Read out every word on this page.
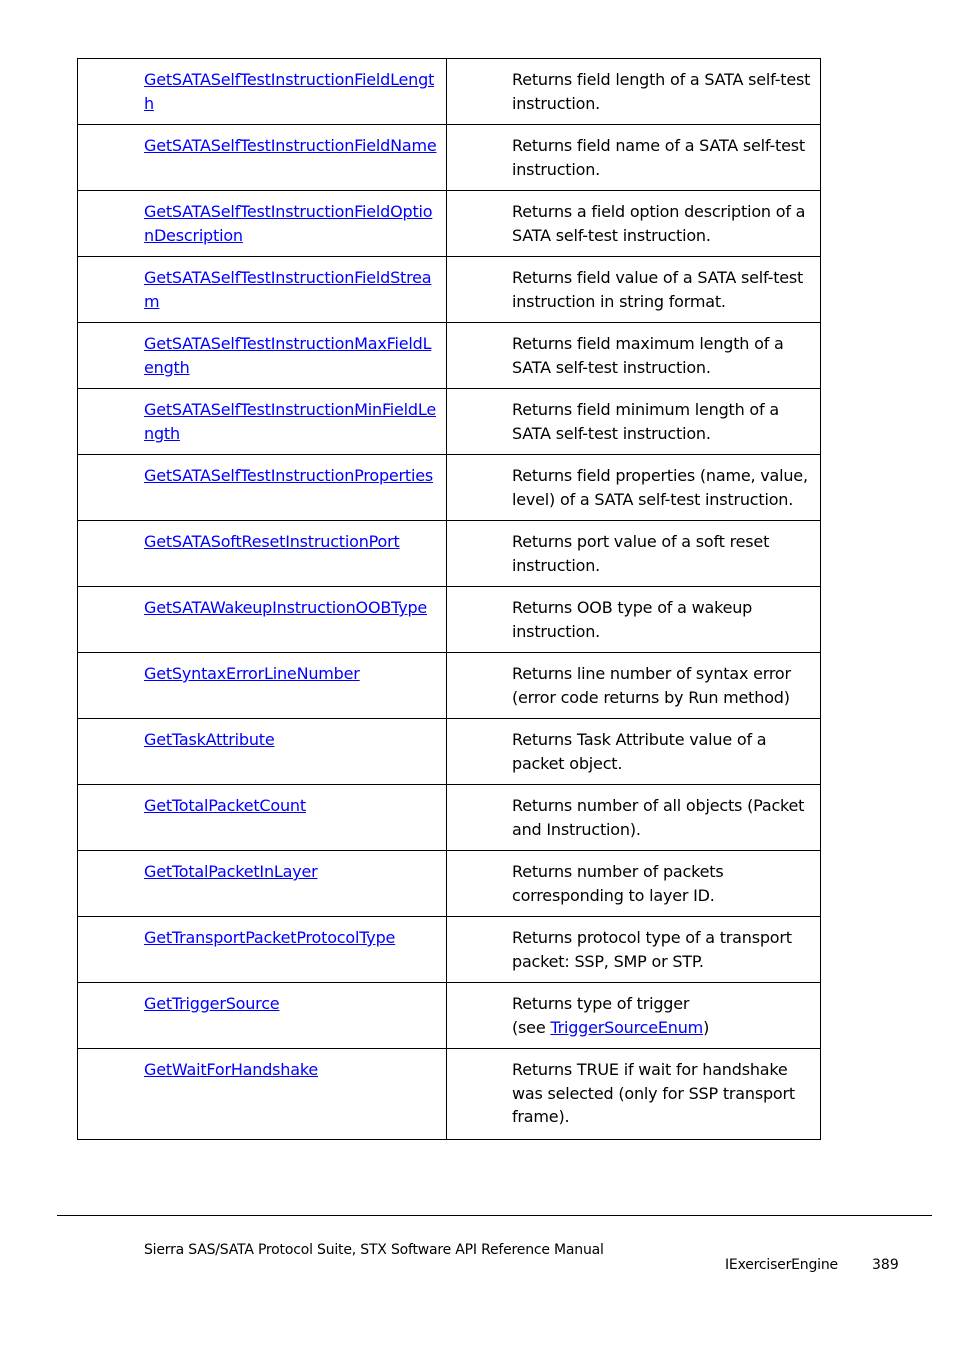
GetSATASelfTestInstructionFieldLength	Returns field length of a SATA self-test instruction.
GetSATASelfTestInstructionFieldName	Returns field name of a SATA self-test instruction.
GetSATASelfTestInstructionFieldOptionDescription	Returns a field option description of a SATA self-test instruction.
GetSATASelfTestInstructionFieldStream	Returns field value of a SATA self-test instruction in string format.
GetSATASelfTestInstructionMaxFieldLength	Returns field maximum length of a SATA self-test instruction.
GetSATASelfTestInstructionMinFieldLength	Returns field minimum length of a SATA self-test instruction.
GetSATASelfTestInstructionProperties	Returns field properties (name, value, level) of a SATA self-test instruction.
GetSATASoftResetInstructionPort	Returns port value of a soft reset instruction.
GetSATAWakeupInstructionOOBType	Returns OOB type of a wakeup instruction.
GetSyntaxErrorLineNumber	Returns line number of syntax error (error code returns by Run method)
GetTaskAttribute	Returns Task Attribute value of a packet object.
GetTotalPacketCount	Returns number of all objects (Packet and Instruction).
GetTotalPacketInLayer	Returns number of packets corresponding to layer ID.
GetTransportPacketProtocolType	Returns protocol type of a transport packet: SSP, SMP or STP.
GetTriggerSource	Returns type of trigger
(see TriggerSourceEnum)
GetWaitForHandshake	Returns TRUE if wait for handshake was selected (only for SSP transport frame).
Sierra SAS/SATA Protocol Suite, STX Software API Reference Manual
IExerciserEngine 389
